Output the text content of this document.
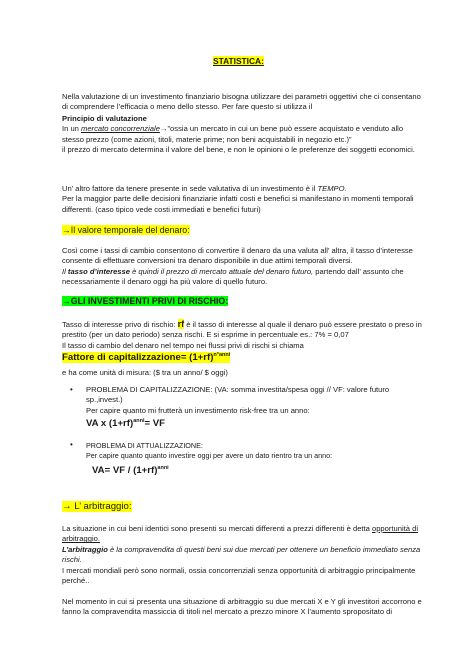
STATISTICA:

Nella valutazione di un investimento finanziario bisogna utilizzare dei parametri oggettivi che ci consentano

di comprendere l’efficacia o meno dello stesso. Per fare questo si utilizza il

Principio di valutazione

In un mercato concorrenziale→”ossia un mercato in cui un bene può essere acquistato e venduto allo

stesso prezzo (come azioni, titoli, materie prime; non beni acquistabili in negozio etc.)”

il prezzo di mercato determina il valore del bene, e non le opinioni o le preferenze dei soggetti economici.

Un’ altro fattore da tenere presente in sede valutativa di un investimento è il TEMPO.

Per la maggior parte delle decisioni finanziarie infatti costi e benefici si manifestano in momenti temporali

differenti. (caso tipico vede costi immediati e benefici futuri)

→Il valore temporale del denaro:

Così come i tassi di cambio consentono di convertire il denaro da una valuta all’ altra, il tasso d’interesse

consente di effettuare conversioni tra denaro disponibile in due attimi temporali diversi.

Il tasso d’interesse è quindi il prezzo di mercato attuale del denaro futuro, partendo dall’ assunto che

necessariamente il denaro oggi ha più valore di quello futuro.

→GLI INVESTIMENTI PRIVI DI RISCHIO:

Tasso di interesse privo di rischio: rf è il tasso di interesse al quale il denaro può essere prestato o preso in

prestito (per un dato periodo) senza rischi. E si esprime in percentuale es.: 7% = 0,07

Il tasso di cambio del denaro nel tempo nei flussi privi di rischi si chiama

Fattore di capitalizzazione= $(1+rf)^{n^\circ anni}$

e ha come unità di misura: ($ tra un anno/ $ oggi)

• PROBLEMA DI CAPITALIZZAZIONE: (VA: somma investita/spesa oggi // VF: valore futuro sp.,invest.)

Per capire quanto mi frutterà un investimento risk-free tra un anno:

VA x $(1+rf)^{anni}=$ VF
• PROBLEMA DI ATTUALIZZAZIONE:

Per capire quanto quanto investire oggi per avere un dato rientro tra un anno:

VA= VF / $(1+rf)^{anni}$
→ L’ arbitraggio:

La situazione in cui beni identici sono presenti su mercati differenti a prezzi differenti è detta opportunità di

arbitraggio.

L’arbitraggio è la compravendita di questi beni sui due mercati per ottenere un beneficio immediato senza

rischi.

I mercati mondiali però sono normali, ossia concorrenziali senza opportunità di arbitraggio principalmente

perché..

Nel momento in cui si presenta una situazione di arbitraggio su due mercati X e Y gli investitori accorrono e

fanno la compravendita massiccia di titoli nel mercato a prezzo minore X l’aumento spropositato di
